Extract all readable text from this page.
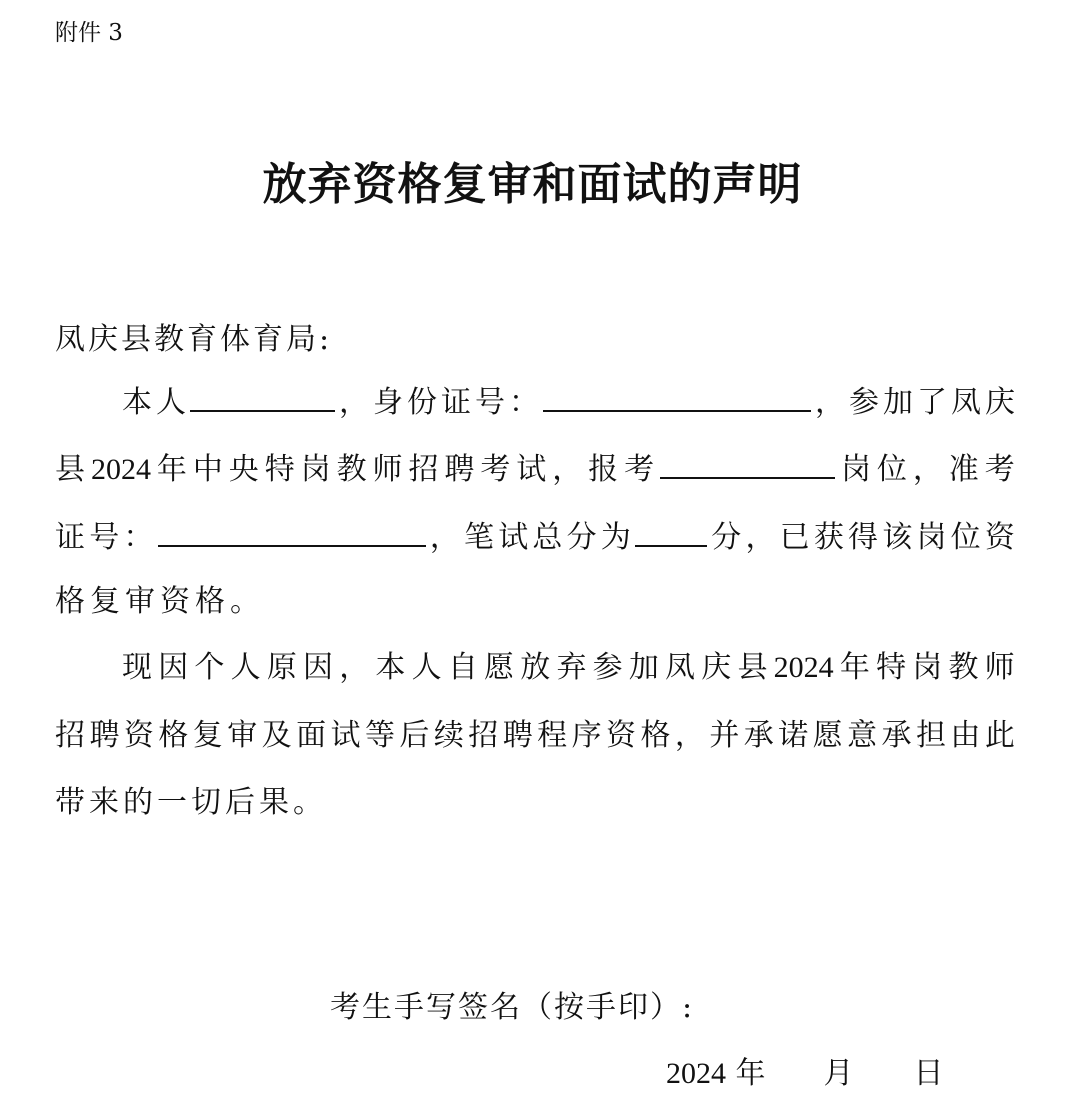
附件 3
放弃资格复审和面试的声明
凤庆县教育体育局:
本 人	， 身 份 证 号 ：	， 参 加 了 凤 庆
县 2024 年 中 央 特 岗 教 师 招 聘 考 试 ， 报 考	岗 位 ， 准 考
证 号 ：	， 笔 试 总 分 为	分 ， 已 获 得 该 岗 位 资
格复审资格。
现 因 个 人 原 因 ， 本 人 自 愿 放 弃 参 加 凤 庆 县 2024 年 特 岗 教 师
招 聘 资 格 复 审 及 面 试 等 后 续 招 聘 程 序 资 格 ， 并 承 诺 愿 意 承 担 由 此
带来的一切后果。
考生手写签名（按手印）:
2024 年 月 日
